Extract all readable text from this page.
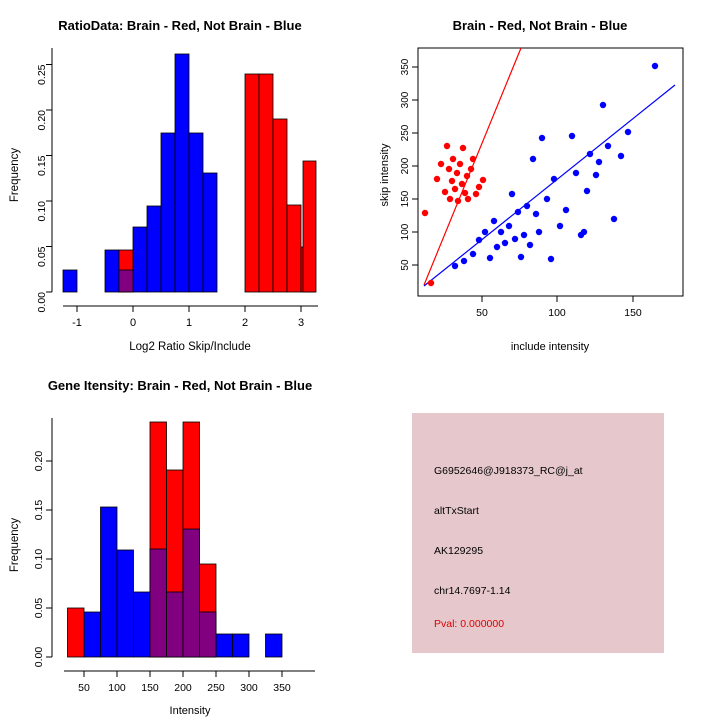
RatioData: Brain - Red, Not Brain - Blue
0.00
0.05
0.10
0.15
0.20
0.25
-1	0	1	2	3
Log2 Ratio Skip/Include
Frequency
Brain - Red, Not Brain - Blue
50
100
150
200
250
300
350
50	100	150
include intensity
skip intensity
Gene Itensity: Brain - Red, Not Brain - Blue
0.00
0.05
0.10
0.15
0.20
50 100 150 200 250 300 350
Intensity
Frequency
G6952646@J918373_RC@j_at
altTxStart
AK129295
chr14.7697-1.14
Pval: 0.000000
